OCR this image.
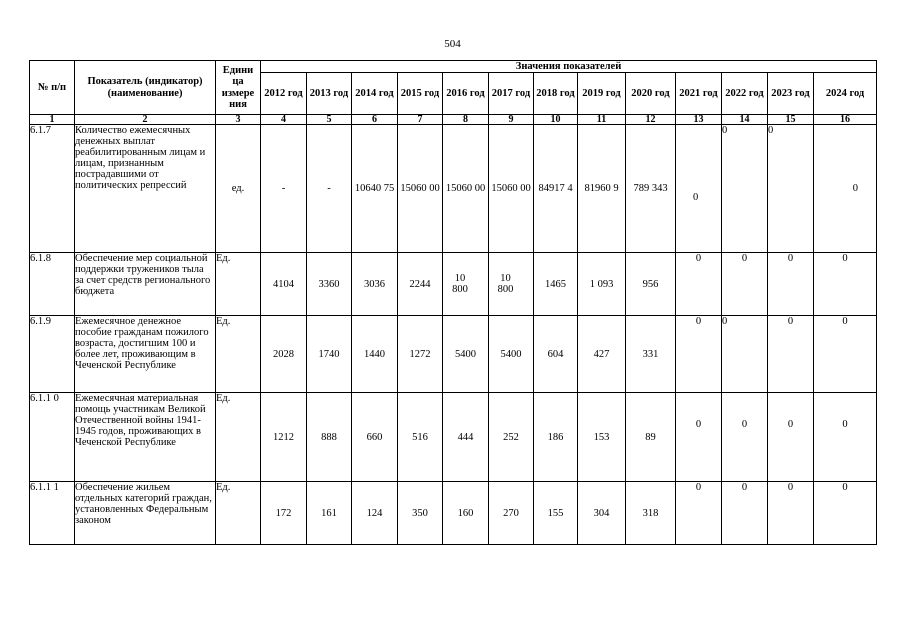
504
№ п/п	Показатель (индикатор) (наименование)	Едини ца измере ния	Значения показателей												
			2012 год	2013 год	2014 год	2015 год	2016 год	2017 год	2018 год	2019 год	2020 год	2021 год	2022 год	2023 год	2024 год
1	2	3	4	5	6	7	8	9	10	11	12	13	14	15	16
6.1.7	Количество ежемесячных денежных выплат реабилитированным лицам и лицам, признанным пострадавшими от политических репрессий	ед.	-	-	10640 75	15060 00	15060 00	15060 00	84917 4	81960 9	789 343	0	0	0	0
6.1.8	Обеспечение мер социальной поддержки тружеников тыла за счет средств регионального бюджета	Ед.	4104	3360	3036	2244	10 800	10 800	1465	1 093	956	0	0	0	0
6.1.9	Ежемесячное денежное пособие гражданам пожилого возраста, достигшим 100 и более лет, проживающим в Чеченской Республике	Ед.	2028	1740	1440	1272	5400	5400	604	427	331	0	0	0	0
6.1.1 0	Ежемесячная материальная помощь участникам Великой Отечественной войны 1941-1945 годов, проживающих в Чеченской Республике	Ед.	1212	888	660	516	444	252	186	153	89	0	0	0	0
6.1.1 1	Обеспечение жильем отдельных категорий граждан, установленных Федеральным законом	Ед.	172	161	124	350	160	270	155	304	318	0	0	0	0
